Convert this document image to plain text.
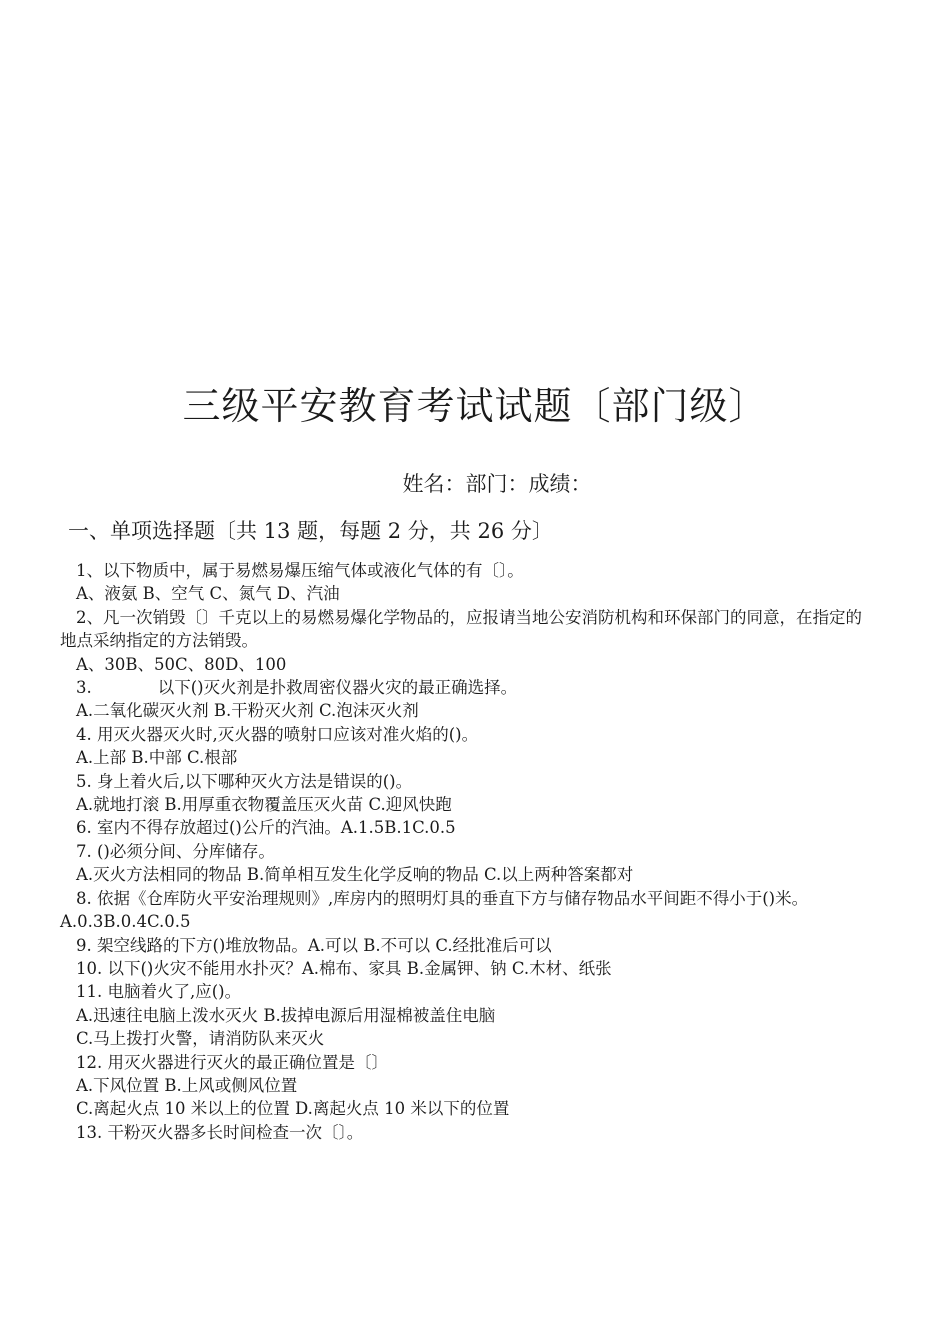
三级平安教育考试试题〔部门级〕
姓名：部门：成绩：
一、单项选择题〔共 13 题，每题 2 分，共 26 分〕
1、以下物质中，属于易燃易爆压缩气体或液化气体的有〔〕。
A、液氨 B、空气 C、氮气 D、汽油
2、凡一次销毁〔〕千克以上的易燃易爆化学物品的，应报请当地公安消防机构和环保部门的同意，在指定的地点采纳指定的方法销毁。
A、30B、50C、80D、100
3.	以下()灭火剂是扑救周密仪器火灾的最正确选择。
A.二氧化碳灭火剂 B.干粉灭火剂 C.泡沫灭火剂
4. 用灭火器灭火时,灭火器的喷射口应该对准火焰的()。
A.上部 B.中部 C.根部
5. 身上着火后,以下哪种灭火方法是错误的()。
A.就地打滚 B.用厚重衣物覆盖压灭火苗 C.迎风快跑
6. 室内不得存放超过()公斤的汽油。A.1.5B.1C.0.5
7. ()必须分间、分库储存。
A.灭火方法相同的物品 B.简单相互发生化学反响的物品 C.以上两种答案都对
8. 依据《仓库防火平安治理规则》,库房内的照明灯具的垂直下方与储存物品水平间距不得小于()米。A.0.3B.0.4C.0.5
9. 架空线路的下方()堆放物品。A.可以 B.不可以 C.经批准后可以
10. 以下()火灾不能用水扑灭？A.棉布、家具 B.金属钾、钠 C.木材、纸张
11. 电脑着火了,应()。
A.迅速往电脑上泼水灭火 B.拔掉电源后用湿棉被盖住电脑
C.马上拨打火警，请消防队来灭火
12. 用灭火器进行灭火的最正确位置是〔〕
A.下风位置 B.上风或侧风位置
C.离起火点 10 米以上的位置 D.离起火点 10 米以下的位置
13. 干粉灭火器多长时间检查一次〔〕。
